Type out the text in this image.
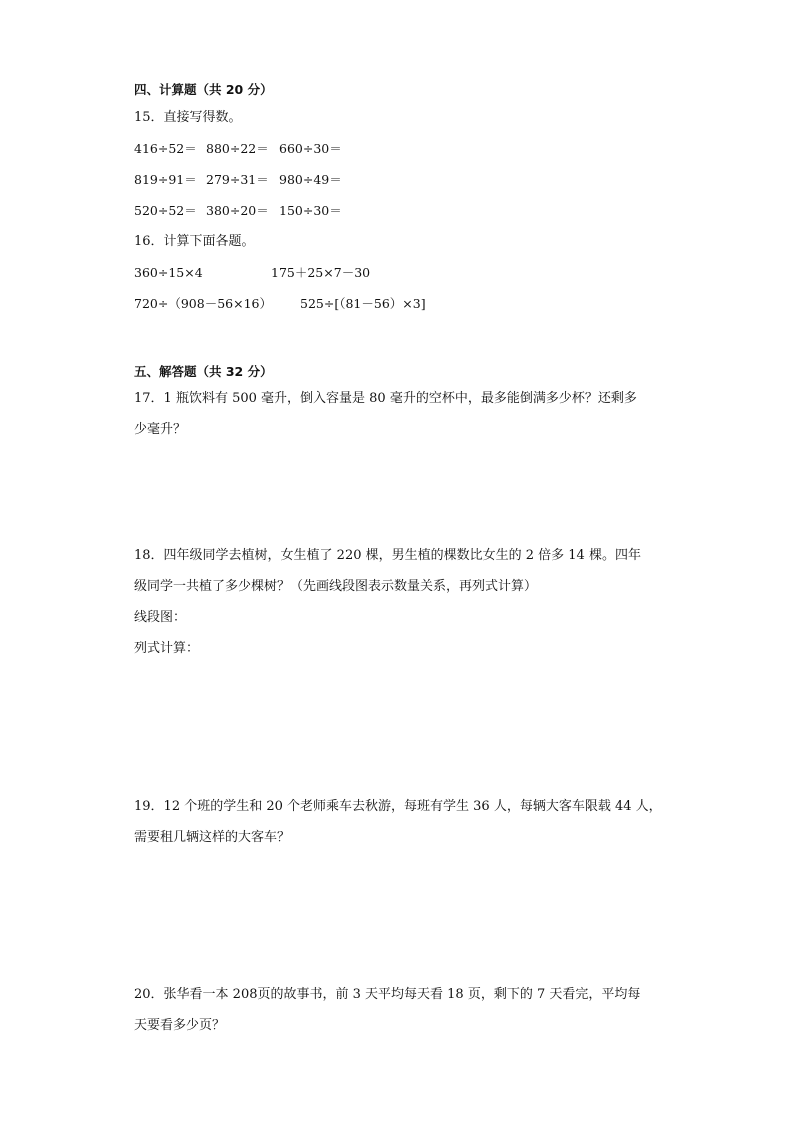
四、计算题（共 20 分）
15．直接写得数。
416÷52＝ 880÷22＝ 660÷30＝
819÷91＝ 279÷31＝ 980÷49＝
520÷52＝ 380÷20＝ 150÷30＝
16．计算下面各题。
360÷15×4	175＋25×7－30
720÷（908－56×16） 525÷[（81－56）×3]
五、解答题（共 32 分）
17．1 瓶饮料有 500 毫升，倒入容量是 80 毫升的空杯中，最多能倒满多少杯？还剩多
少毫升？
18．四年级同学去植树，女生植了 220 棵，男生植的棵数比女生的 2 倍多 14 棵。四年
级同学一共植了多少棵树？（先画线段图表示数量关系，再列式计算）
线段图：
列式计算：
19．12 个班的学生和 20 个老师乘车去秋游，每班有学生 36 人，每辆大客车限载 44 人，
需要租几辆这样的大客车？
20．张华看一本 208页的故事书，前 3 天平均每天看 18 页，剩下的 7 天看完，平均每
天要看多少页？
